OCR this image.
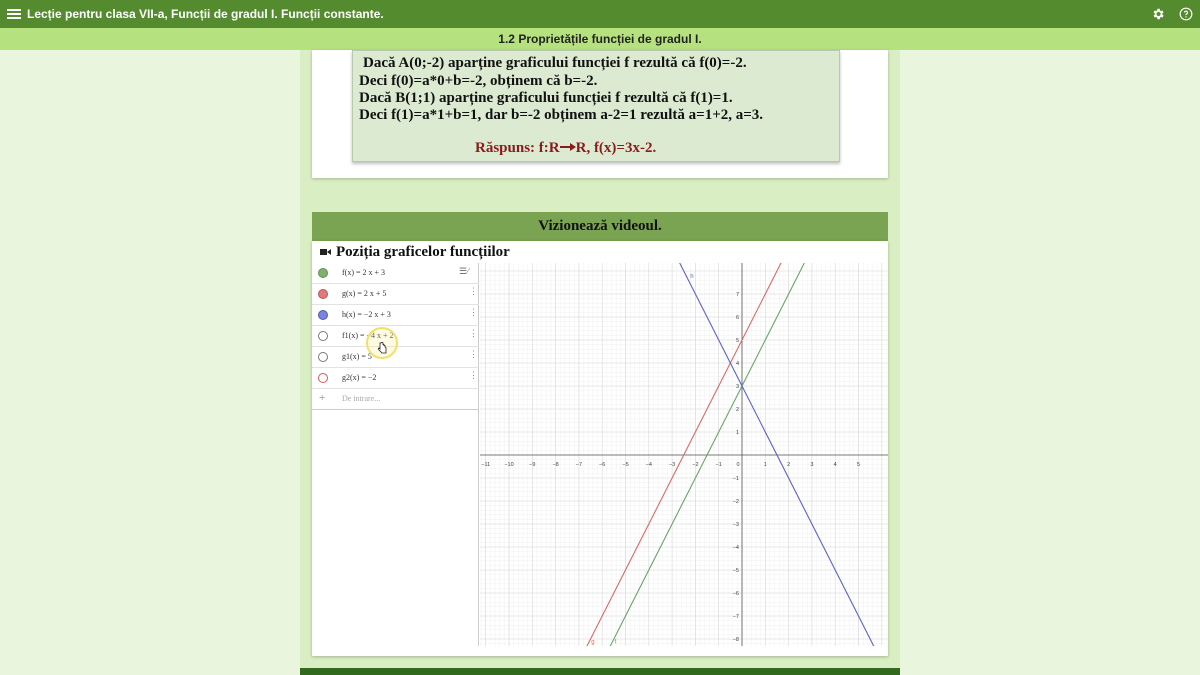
Lecție pentru clasa VII-a, Funcții de gradul I. Funcții constante.
1.2 Proprietățile funcției de gradul I.
Dacă A(0;-2) aparține graficului funcției f rezultă că f(0)=-2.
Deci f(0)=a*0+b=-2, obținem că b=-2.
Dacă B(1;1) aparține graficului funcției f rezultă că f(1)=1.
Deci f(1)=a*1+b=1, dar b=-2 obținem a-2=1 rezultă a=1+2, a=3.
Răspuns: f:R R, f(x)=3x-2.
Vizionează videoul.
Poziția graficelor funcțiilor
f(x) = 2 x + 3	☰∕
g(x) = 2 x + 5	⋮
h(x) = −2 x + 3	⋮
f1(x) = −4 x + 2	⋮
g1(x) = 5	⋮
g2(x) = −2	⋮
+ De intrare...
−11	−10	−9	−8	−7	−6	−5	−4	−3	−2	−1	1	2	3	4	5
0
7
6
5
4
3
2
1
−1
−2
−3
−4
−5
−6
−7
−8
f
g
h
